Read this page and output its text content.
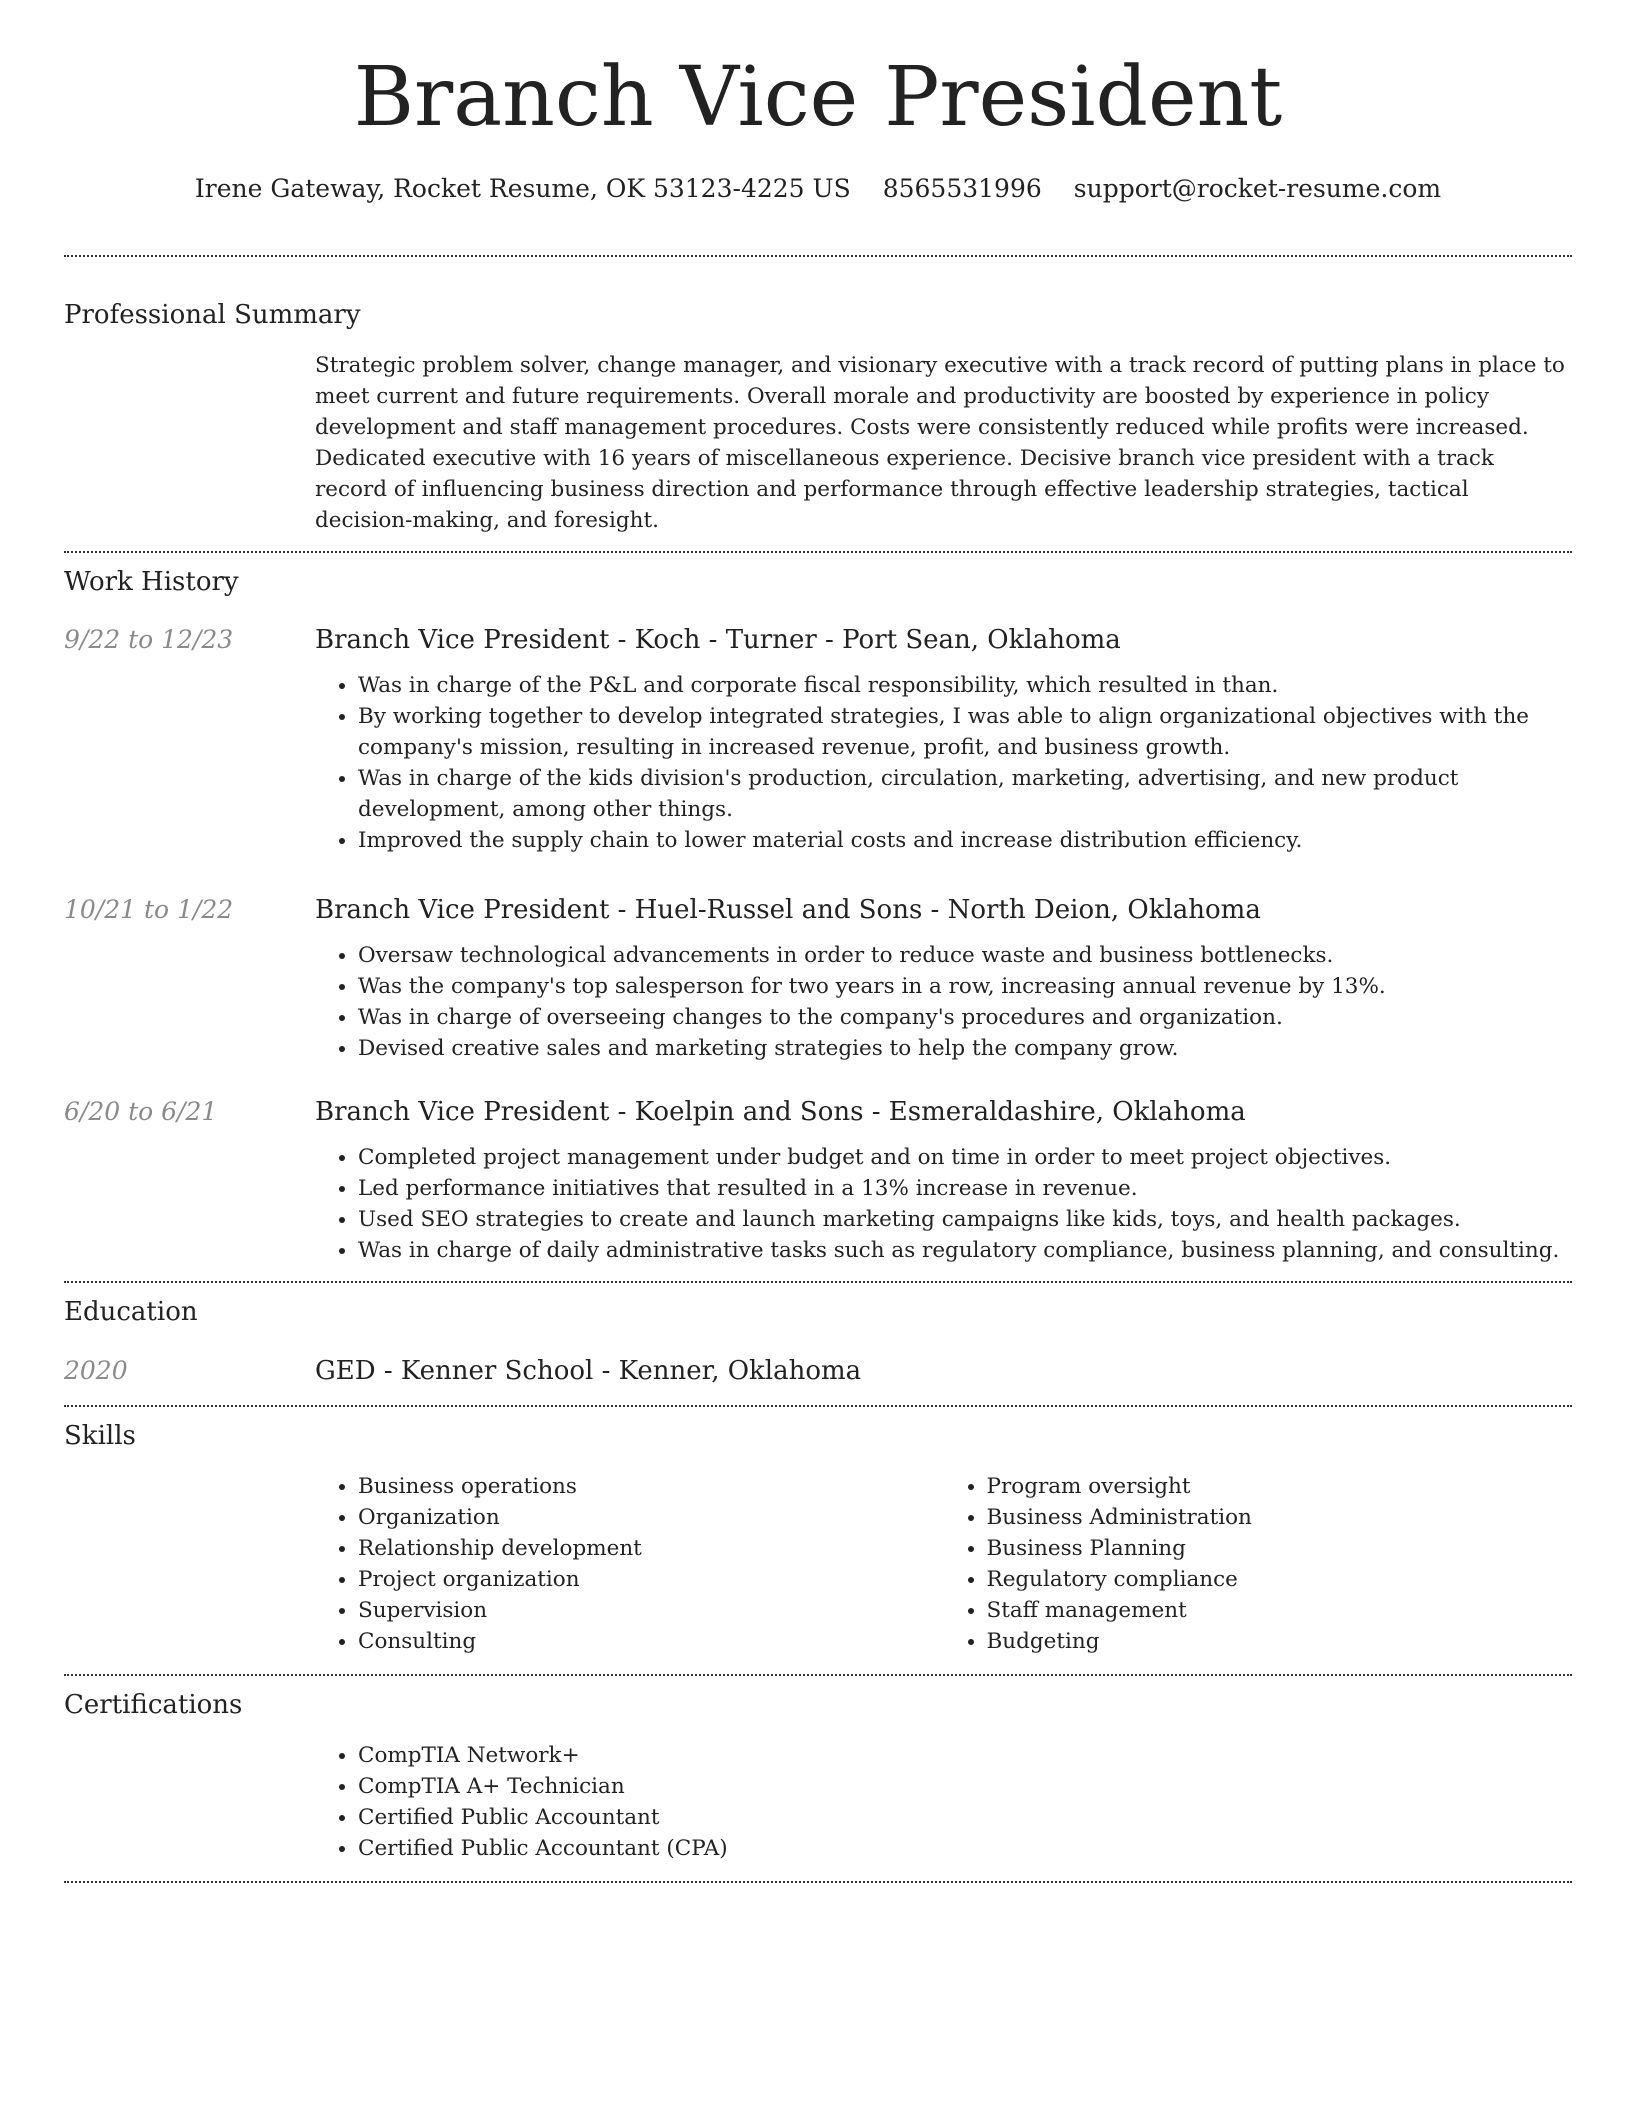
Branch Vice President
Irene Gateway, Rocket Resume, OK 53123-4225 US 8565531996 support@rocket-resume.com
Professional Summary
Strategic problem solver, change manager, and visionary executive with a track record of putting plans in place to meet current and future requirements. Overall morale and productivity are boosted by experience in policy development and staff management procedures. Costs were consistently reduced while profits were increased. Dedicated executive with 16 years of miscellaneous experience. Decisive branch vice president with a track record of influencing business direction and performance through effective leadership strategies, tactical decision-making, and foresight.
Work History
9/22 to 12/23	Branch Vice President - Koch - Turner - Port Sean, Oklahoma
• Was in charge of the P&L and corporate fiscal responsibility, which resulted in than.
• By working together to develop integrated strategies, I was able to align organizational objectives with the company's mission, resulting in increased revenue, profit, and business growth.
• Was in charge of the kids division's production, circulation, marketing, advertising, and new product development, among other things.
• Improved the supply chain to lower material costs and increase distribution efficiency.
10/21 to 1/22	Branch Vice President - Huel-Russel and Sons - North Deion, Oklahoma
• Oversaw technological advancements in order to reduce waste and business bottlenecks.
• Was the company's top salesperson for two years in a row, increasing annual revenue by 13%.
• Was in charge of overseeing changes to the company's procedures and organization.
• Devised creative sales and marketing strategies to help the company grow.
6/20 to 6/21	Branch Vice President - Koelpin and Sons - Esmeraldashire, Oklahoma
• Completed project management under budget and on time in order to meet project objectives.
• Led performance initiatives that resulted in a 13% increase in revenue.
• Used SEO strategies to create and launch marketing campaigns like kids, toys, and health packages.
• Was in charge of daily administrative tasks such as regulatory compliance, business planning, and consulting.
Education
2020	GED - Kenner School - Kenner, Oklahoma
Skills
• Business operations
• Organization
• Relationship development
• Project organization
• Supervision
• Consulting
• Program oversight
• Business Administration
• Business Planning
• Regulatory compliance
• Staff management
• Budgeting
Certifications
• CompTIA Network+
• CompTIA A+ Technician
• Certified Public Accountant
• Certified Public Accountant (CPA)
